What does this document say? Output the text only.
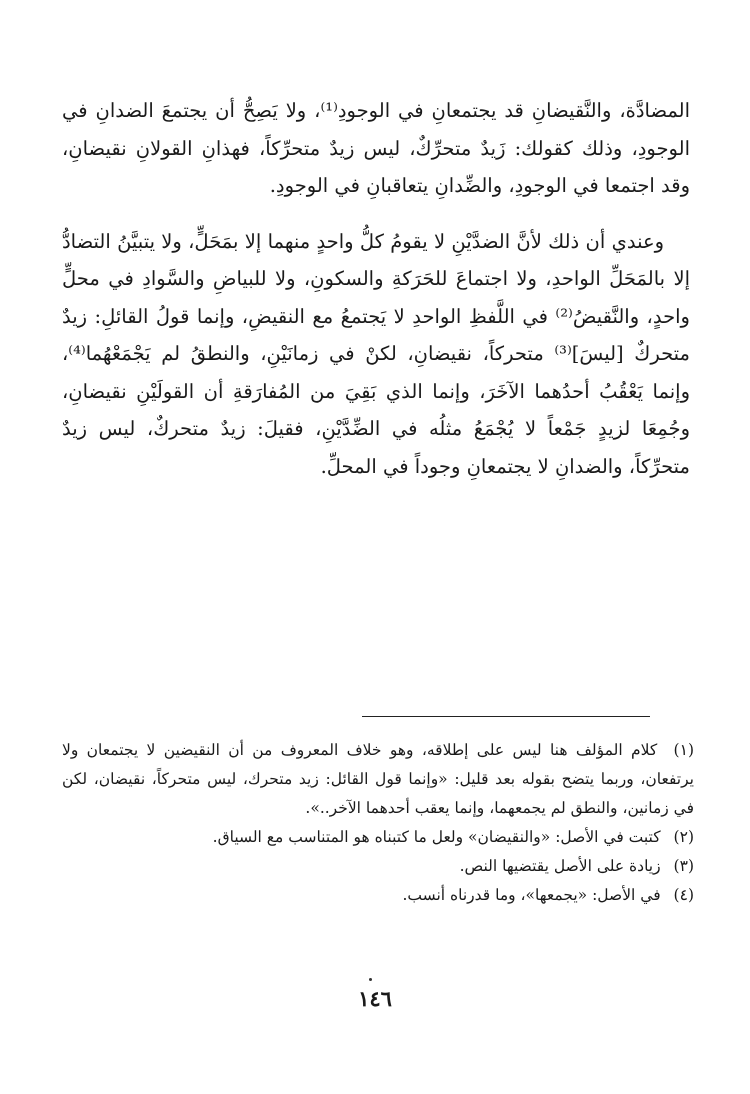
المضادَّة، والنَّقيضانِ قد يجتمعانِ في الوجودِ⁽¹⁾، ولا يَصِحُّ أن يجتمعَ الضدانِ في الوجودِ، وذلك كقولك: زَيدٌ متحرِّكٌ، ليس زيدٌ متحرِّكاً، فهذانِ القولانِ نقيضانِ، وقد اجتمعا في الوجودِ، والضِّدانِ يتعاقبانِ في الوجودِ.

وعندي أن ذلك لأنَّ الضدَّيْنِ لا يقومُ كلُّ واحدٍ منهما إلا بمَحَلٍّ، ولا يتبيَّنُ التضادُّ إلا بالمَحَلِّ الواحدِ، ولا اجتماعَ للحَرَكةِ والسكونِ، ولا للبياضِ والسَّوادِ في محلٍّ واحدٍ، والنَّقيضُ⁽²⁾ في اللَّفظِ الواحدِ لا يَجتمعُ مع النقيضِ، وإنما قولُ القائلِ: زيدٌ متحركٌ [ليسَ]⁽³⁾ متحركاً، نقيضانِ، لكنْ في زمانَيْنِ، والنطقُ لم يَجْمَعْهُما⁽⁴⁾، وإنما يَعْقُبُ أحدُهما الآخَرَ، وإنما الذي بَقِيَ من المُفارَقةِ أن القولَيْنِ نقيضانِ، وجُمِعَا لزيدٍ جَمْعاً لا يُجْمَعُ مثلُه في الضِّدَّيْنِ، فقيلَ: زيدٌ متحركٌ، ليس زيدٌ متحرِّكاً، والضدانِ لا يجتمعانِ وجوداً في المحلِّ.

(١) كلام المؤلف هنا ليس على إطلاقه، وهو خلاف المعروف من أن النقيضين لا يجتمعان ولا يرتفعان، وربما يتضح بقوله بعد قليل: «وإنما قول القائل: زيد متحرك، ليس متحركاً، نقيضان، لكن في زمانين، والنطق لم يجمعهما، وإنما يعقب أحدهما الآخر..».
(٢) كتبت في الأصل: «والنقيضان» ولعل ما كتبناه هو المتناسب مع السياق.
(٣) زيادة على الأصل يقتضيها النص.
(٤) في الأصل: «يجمعها»، وما قدرناه أنسب.
١٤٦
